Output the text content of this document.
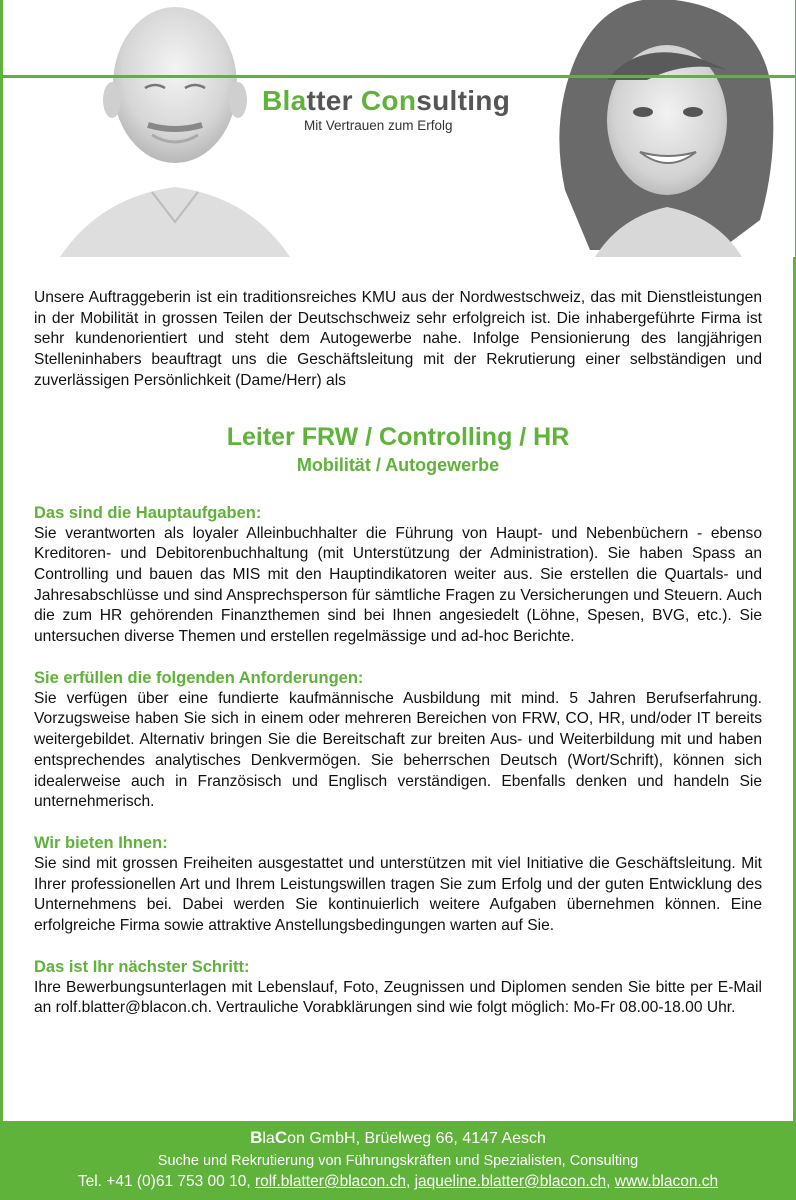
Blatter Consulting
Mit Vertrauen zum Erfolg

Unsere Auftraggeberin ist ein traditionsreiches KMU aus der Nordwestschweiz, das mit Dienstleistungen in der Mobilität in grossen Teilen der Deutschschweiz sehr erfolgreich ist. Die inhabergeführte Firma ist sehr kundenorientiert und steht dem Autogewerbe nahe. Infolge Pensionierung des langjährigen Stelleninhabers beauftragt uns die Geschäftsleitung mit der Rekrutierung einer selbständigen und zuverlässigen Persönlichkeit (Dame/Herr) als

Leiter FRW / Controlling / HR
Mobilität / Autogewerbe
Das sind die Hauptaufgaben:

Sie verantworten als loyaler Alleinbuchhalter die Führung von Haupt- und Nebenbüchern - ebenso Kreditoren- und Debitorenbuchhaltung (mit Unterstützung der Administration). Sie haben Spass an Controlling und bauen das MIS mit den Hauptindikatoren weiter aus. Sie erstellen die Quartals- und Jahresabschlüsse und sind Ansprechsperson für sämtliche Fragen zu Versicherungen und Steuern. Auch die zum HR gehörenden Finanzthemen sind bei Ihnen angesiedelt (Löhne, Spesen, BVG, etc.). Sie untersuchen diverse Themen und erstellen regelmässige und ad-hoc Berichte.

Sie erfüllen die folgenden Anforderungen:

Sie verfügen über eine fundierte kaufmännische Ausbildung mit mind. 5 Jahren Berufserfahrung. Vorzugsweise haben Sie sich in einem oder mehreren Bereichen von FRW, CO, HR, und/oder IT bereits weitergebildet. Alternativ bringen Sie die Bereitschaft zur breiten Aus- und Weiterbildung mit und haben entsprechendes analytisches Denkvermögen. Sie beherrschen Deutsch (Wort/Schrift), können sich idealerweise auch in Französisch und Englisch verständigen. Ebenfalls denken und handeln Sie unternehmerisch.

Wir bieten Ihnen:

Sie sind mit grossen Freiheiten ausgestattet und unterstützen mit viel Initiative die Geschäftsleitung. Mit Ihrer professionellen Art und Ihrem Leistungswillen tragen Sie zum Erfolg und der guten Entwicklung des Unternehmens bei. Dabei werden Sie kontinuierlich weitere Aufgaben übernehmen können. Eine erfolgreiche Firma sowie attraktive Anstellungsbedingungen warten auf Sie.

Das ist Ihr nächster Schritt:

Ihre Bewerbungsunterlagen mit Lebenslauf, Foto, Zeugnissen und Diplomen senden Sie bitte per E-Mail an rolf.blatter@blacon.ch. Vertrauliche Vorabklärungen sind wie folgt möglich: Mo-Fr 08.00-18.00 Uhr.

BlaCon GmbH, Brüelweg 66, 4147 Aesch
Suche und Rekrutierung von Führungskräften und Spezialisten, Consulting
Tel. +41 (0)61 753 00 10, rolf.blatter@blacon.ch, jaqueline.blatter@blacon.ch, www.blacon.ch
